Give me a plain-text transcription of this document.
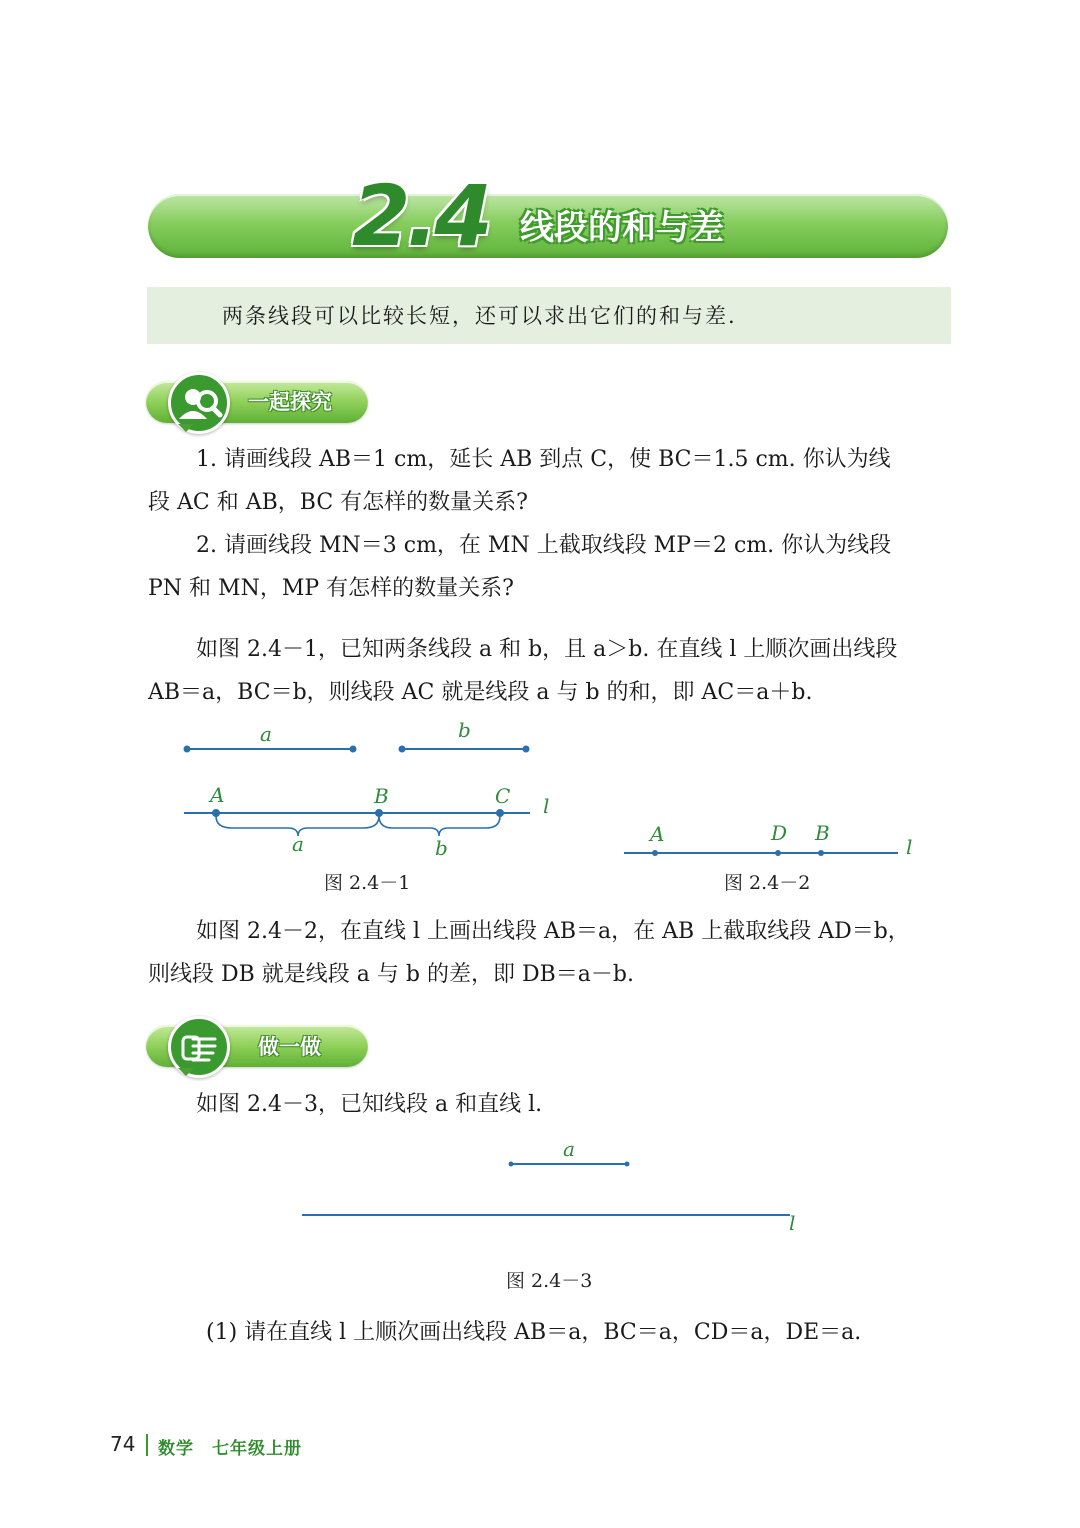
2.4 线段的和与差
两条线段可以比较长短，还可以求出它们的和与差.
一起探究
1. 请画线段 AB＝1 cm，延长 AB 到点 C，使 BC＝1.5 cm. 你认为线
段 AC 和 AB，BC 有怎样的数量关系?
2. 请画线段 MN＝3 cm，在 MN 上截取线段 MP＝2 cm. 你认为线段
PN 和 MN，MP 有怎样的数量关系?
如图 2.4－1，已知两条线段 a 和 b，且 a＞b. 在直线 l 上顺次画出线段
AB＝a，BC＝b，则线段 AC 就是线段 a 与 b 的和，即 AC＝a＋b.
a	b
A	B	C l
a	b
图 2.4－1
A	D B
l
图 2.4－2
如图 2.4－2，在直线 l 上画出线段 AB＝a，在 AB 上截取线段 AD＝b，
则线段 DB 就是线段 a 与 b 的差，即 DB＝a－b.
做一做
如图 2.4－3，已知线段 a 和直线 l.
a
l
图 2.4－3
(1) 请在直线 l 上顺次画出线段 AB＝a，BC＝a，CD＝a，DE＝a.
74 数学　七年级上册
